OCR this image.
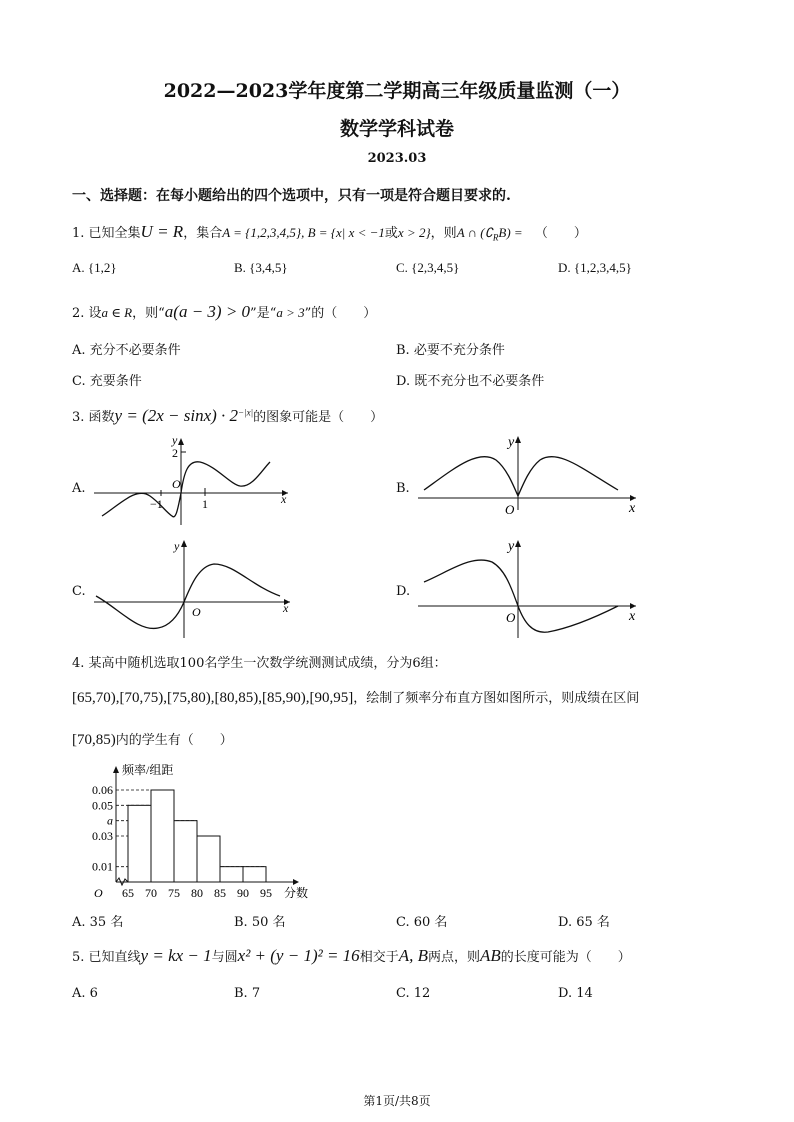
2022—2023学年度第二学期高三年级质量监测（一）
数学学科试卷
2023.03
一、选择题：在每小题给出的四个选项中，只有一项是符合题目要求的.
1. 已知全集U = R，集合A = {1,2,3,4,5}, B = {x| x < −1或x > 2}，则A ∩ $(∁_RB)$ = （　　）
A. {1,2}	B. {3,4,5}	C. {2,3,4,5}	D. {1,2,3,4,5}
2. 设a ∈ R，则“a(a − 3) > 0”是“a > 3”的（　　）
A. 充分不必要条件	B. 必要不充分条件
C. 充要条件	D. 既不充分也不必要条件
3. 函数$y = (2x - \sin x) \cdot 2^{-|x|}$的图象可能是（　　）
A.
y
2
O
−1	1	x
B.
y
O	x
C.
y
O	x
D.
y
O	x
4. 某高中随机选取100名学生一次数学统测测试成绩，分为6组：
[65,70),[70,75),[75,80),[80,85),[85,90),[90,95]，绘制了频率分布直方图如图所示，则成绩在区间
[70,85)内的学生有（　　）
0.06
0.05
a
0.03
0.01
65 70 75 80 85 90 95
频率/组距
分数
O
A. 35 名	B. 50 名	C. 60 名	D. 65 名
5. 已知直线y = kx − 1与圆x² + (y − 1)² = 16相交于A, B两点，则AB的长度可能为（　　）
A. 6	B. 7	C. 12	D. 14
第1页/共8页
